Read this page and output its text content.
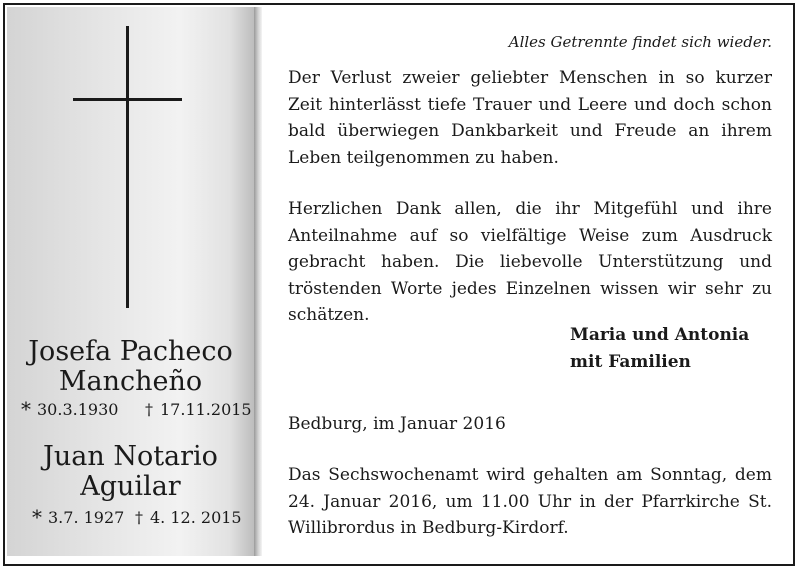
Josefa Pacheco
Mancheño
* 30.3.1930 † 17.11.2015
Juan Notario
Aguilar
* 3.7. 1927 † 4. 12. 2015
Alles Getrennte findet sich wieder.
Der Verlust zweier geliebter Menschen in so kurzer Zeit hinterlässt tiefe Trauer und Leere und doch schon bald überwiegen Dankbarkeit und Freude an ihrem Leben teilgenommen zu haben.
Herzlichen Dank allen, die ihr Mitgefühl und ihre Anteilnahme auf so vielfältige Weise zum Ausdruck gebracht haben. Die liebevolle Unterstützung und tröstenden Worte jedes Einzelnen wissen wir sehr zu schätzen.
Maria und Antonia
mit Familien
Bedburg, im Januar 2016
Das Sechswochenamt wird gehalten am Sonntag, dem 24. Januar 2016, um 11.00 Uhr in der Pfarrkirche St. Willibrordus in Bedburg-Kirdorf.
